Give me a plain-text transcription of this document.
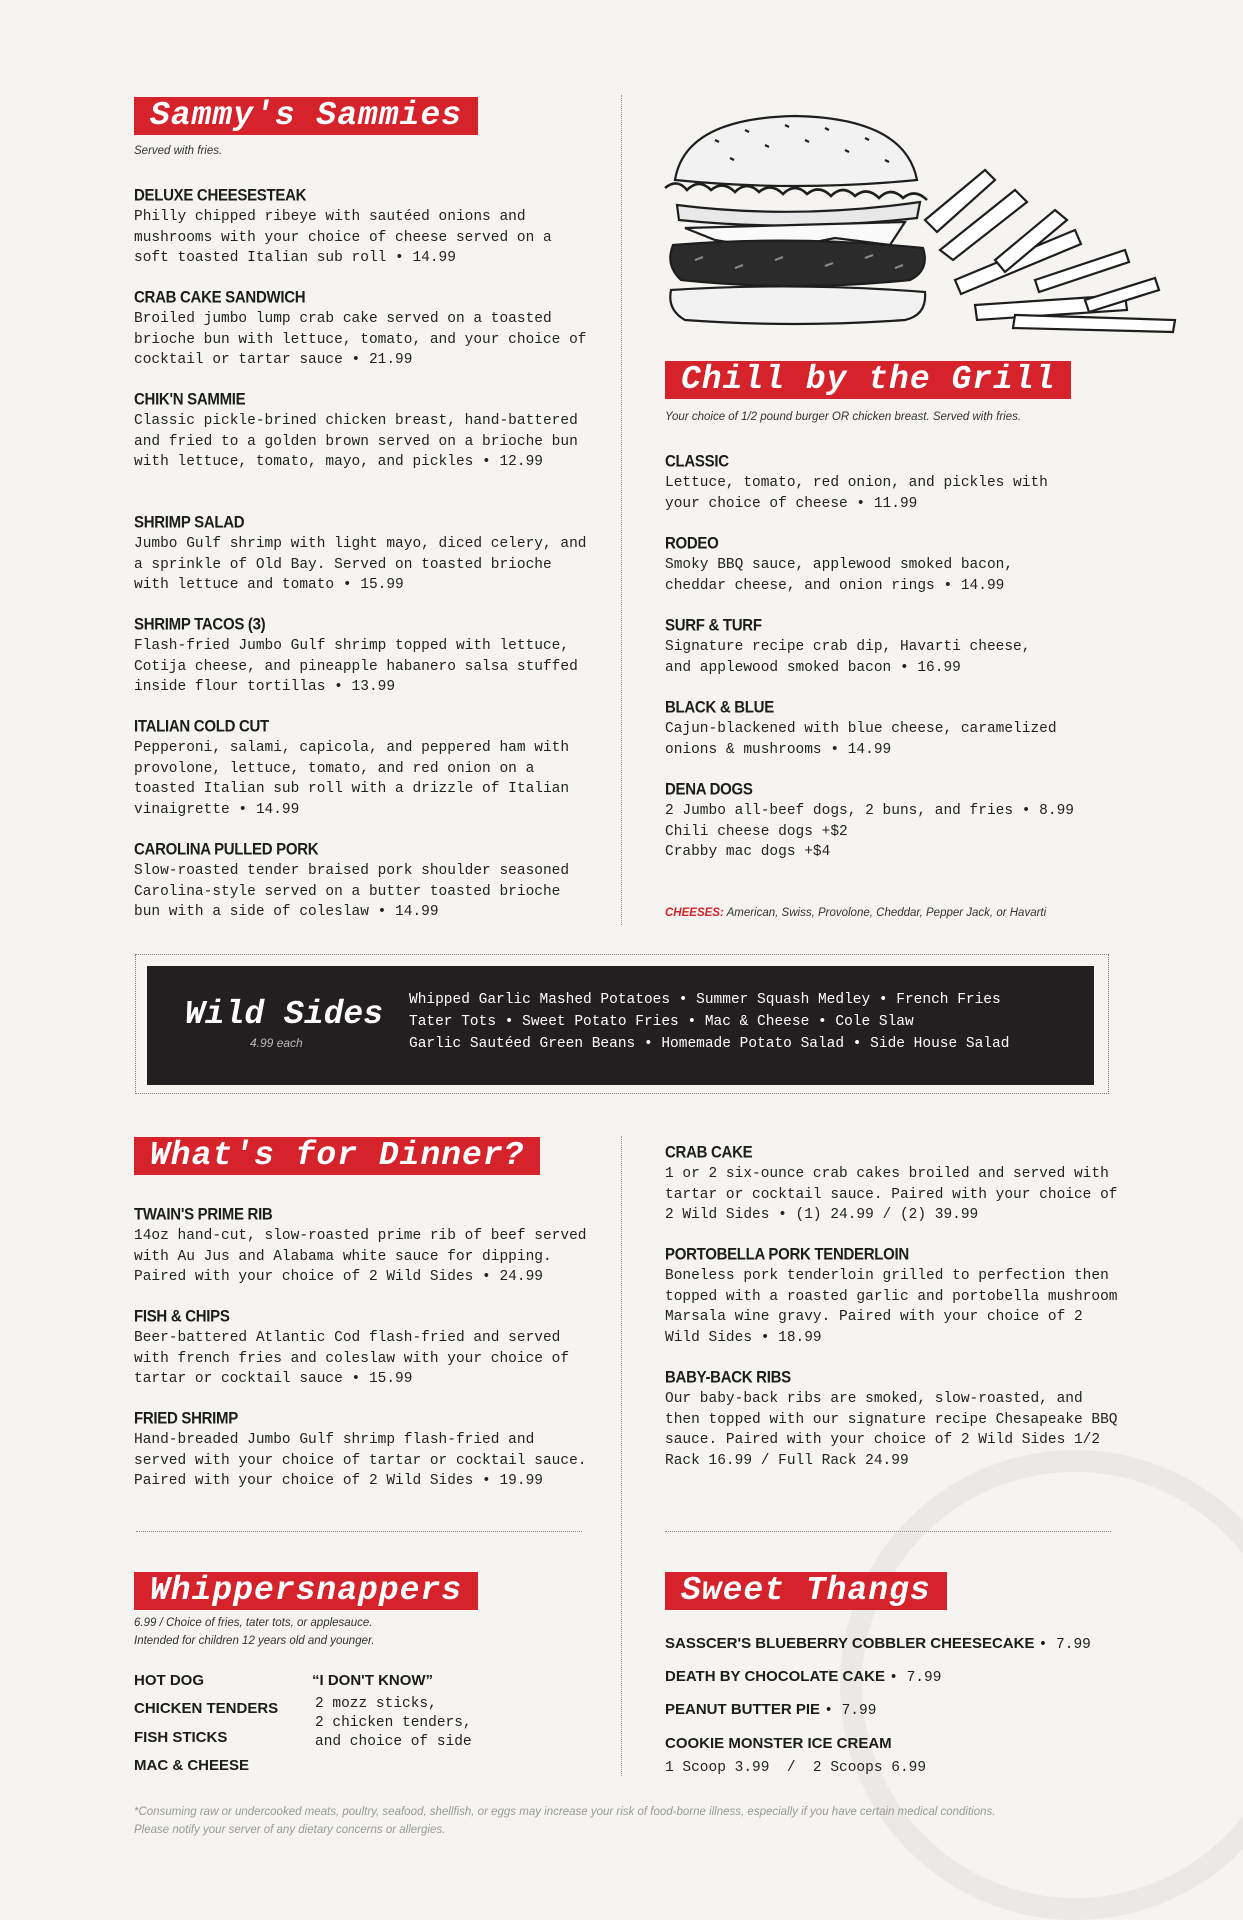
Sammy's Sammies
Served with fries.
DELUXE CHEESESTEAK
Philly chipped ribeye with sautéed onions and mushrooms with your choice of cheese served on a soft toasted Italian sub roll • 14.99
CRAB CAKE SANDWICH
Broiled jumbo lump crab cake served on a toasted brioche bun with lettuce, tomato, and your choice of cocktail or tartar sauce • 21.99
CHIK'N SAMMIE
Classic pickle-brined chicken breast, hand-battered and fried to a golden brown served on a brioche bun with lettuce, tomato, mayo, and pickles • 12.99
SHRIMP SALAD
Jumbo Gulf shrimp with light mayo, diced celery, and a sprinkle of Old Bay. Served on toasted brioche with lettuce and tomato • 15.99
SHRIMP TACOS (3)
Flash-fried Jumbo Gulf shrimp topped with lettuce, Cotija cheese, and pineapple habanero salsa stuffed inside flour tortillas • 13.99
ITALIAN COLD CUT
Pepperoni, salami, capicola, and peppered ham with provolone, lettuce, tomato, and red onion on a toasted Italian sub roll with a drizzle of Italian vinaigrette • 14.99
CAROLINA PULLED PORK
Slow-roasted tender braised pork shoulder seasoned Carolina-style served on a butter toasted brioche bun with a side of coleslaw • 14.99
Chill by the Grill
Your choice of 1/2 pound burger OR chicken breast. Served with fries.
CLASSIC
Lettuce, tomato, red onion, and pickles with your choice of cheese • 11.99
RODEO
Smoky BBQ sauce, applewood smoked bacon, cheddar cheese, and onion rings • 14.99
SURF & TURF
Signature recipe crab dip, Havarti cheese, and applewood smoked bacon • 16.99
BLACK & BLUE
Cajun-blackened with blue cheese, caramelized onions & mushrooms • 14.99
DENA DOGS
2 Jumbo all-beef dogs, 2 buns, and fries • 8.99
Chili cheese dogs +$2
Crabby mac dogs +$4
CHEESES: American, Swiss, Provolone, Cheddar, Pepper Jack, or Havarti
Wild Sides
4.99 each
Whipped Garlic Mashed Potatoes • Summer Squash Medley • French Fries
Tater Tots • Sweet Potato Fries • Mac & Cheese • Cole Slaw
Garlic Sautéed Green Beans • Homemade Potato Salad • Side House Salad
What's for Dinner?
TWAIN'S PRIME RIB
14oz hand-cut, slow-roasted prime rib of beef served with Au Jus and Alabama white sauce for dipping. Paired with your choice of 2 Wild Sides • 24.99
FISH & CHIPS
Beer-battered Atlantic Cod flash-fried and served with french fries and coleslaw with your choice of tartar or cocktail sauce • 15.99
FRIED SHRIMP
Hand-breaded Jumbo Gulf shrimp flash-fried and served with your choice of tartar or cocktail sauce. Paired with your choice of 2 Wild Sides • 19.99
CRAB CAKE
1 or 2 six-ounce crab cakes broiled and served with tartar or cocktail sauce. Paired with your choice of 2 Wild Sides • (1) 24.99 / (2) 39.99
PORTOBELLA PORK TENDERLOIN
Boneless pork tenderloin grilled to perfection then topped with a roasted garlic and portobella mushroom Marsala wine gravy. Paired with your choice of 2 Wild Sides • 18.99
BABY-BACK RIBS
Our baby-back ribs are smoked, slow-roasted, and then topped with our signature recipe Chesapeake BBQ sauce. Paired with your choice of 2 Wild Sides 1/2 Rack 16.99 / Full Rack 24.99
Whippersnappers
6.99 / Choice of fries, tater tots, or applesauce.
Intended for children 12 years old and younger.
HOT DOG
CHICKEN TENDERS
FISH STICKS
MAC & CHEESE
“I DON'T KNOW”
2 mozz sticks,
2 chicken tenders,
and choice of side
Sweet Thangs
SASSCER'S BLUEBERRY COBBLER CHEESECAKE • 7.99
DEATH BY CHOCOLATE CAKE • 7.99
PEANUT BUTTER PIE • 7.99
COOKIE MONSTER ICE CREAM
1 Scoop 3.99  /  2 Scoops 6.99
*Consuming raw or undercooked meats, poultry, seafood, shellfish, or eggs may increase your risk of food-borne illness, especially if you have certain medical conditions.
Please notify your server of any dietary concerns or allergies.
